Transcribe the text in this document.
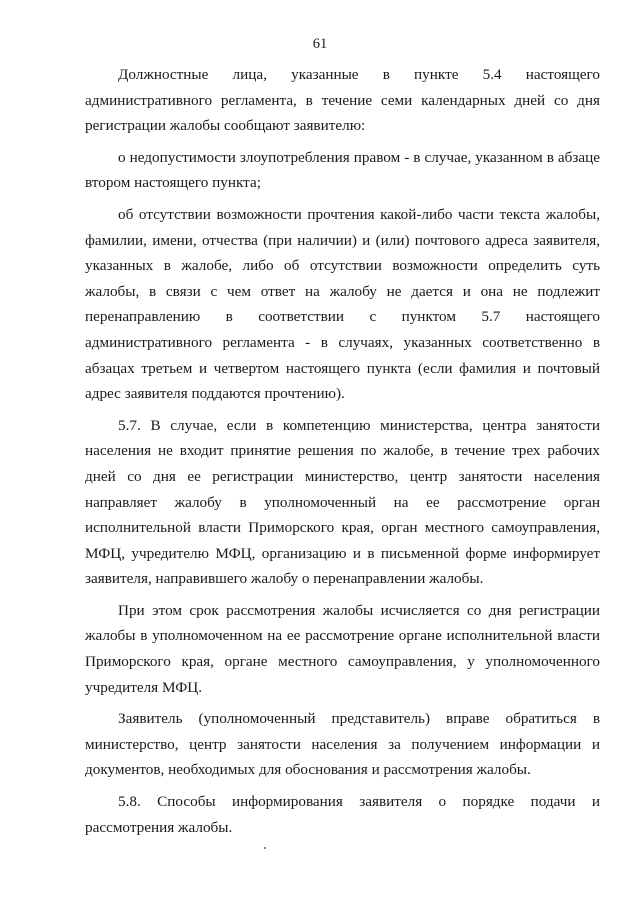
61

Должностные лица, указанные в пункте 5.4 настоящего административного регламента, в течение семи календарных дней со дня регистрации жалобы сообщают заявителю:

о недопустимости злоупотребления правом - в случае, указанном в абзаце втором настоящего пункта;

об отсутствии возможности прочтения какой-либо части текста жалобы, фамилии, имени, отчества (при наличии) и (или) почтового адреса заявителя, указанных в жалобе, либо об отсутствии возможности определить суть жалобы, в связи с чем ответ на жалобу не дается и она не подлежит перенаправлению в соответствии с пунктом 5.7 настоящего административного регламента - в случаях, указанных соответственно в абзацах третьем и четвертом настоящего пункта (если фамилия и почтовый адрес заявителя поддаются прочтению).

5.7. В случае, если в компетенцию министерства, центра занятости населения не входит принятие решения по жалобе, в течение трех рабочих дней со дня ее регистрации министерство, центр занятости населения направляет жалобу в уполномоченный на ее рассмотрение орган исполнительной власти Приморского края, орган местного самоуправления, МФЦ, учредителю МФЦ, организацию и в письменной форме информирует заявителя, направившего жалобу о перенаправлении жалобы.

При этом срок рассмотрения жалобы исчисляется со дня регистрации жалобы в уполномоченном на ее рассмотрение органе исполнительной власти Приморского края, органе местного самоуправления, у уполномоченного учредителя МФЦ.

Заявитель (уполномоченный представитель) вправе обратиться в министерство, центр занятости населения за получением информации и документов, необходимых для обоснования и рассмотрения жалобы.

5.8. Способы информирования заявителя о порядке подачи и рассмотрения жалобы.
